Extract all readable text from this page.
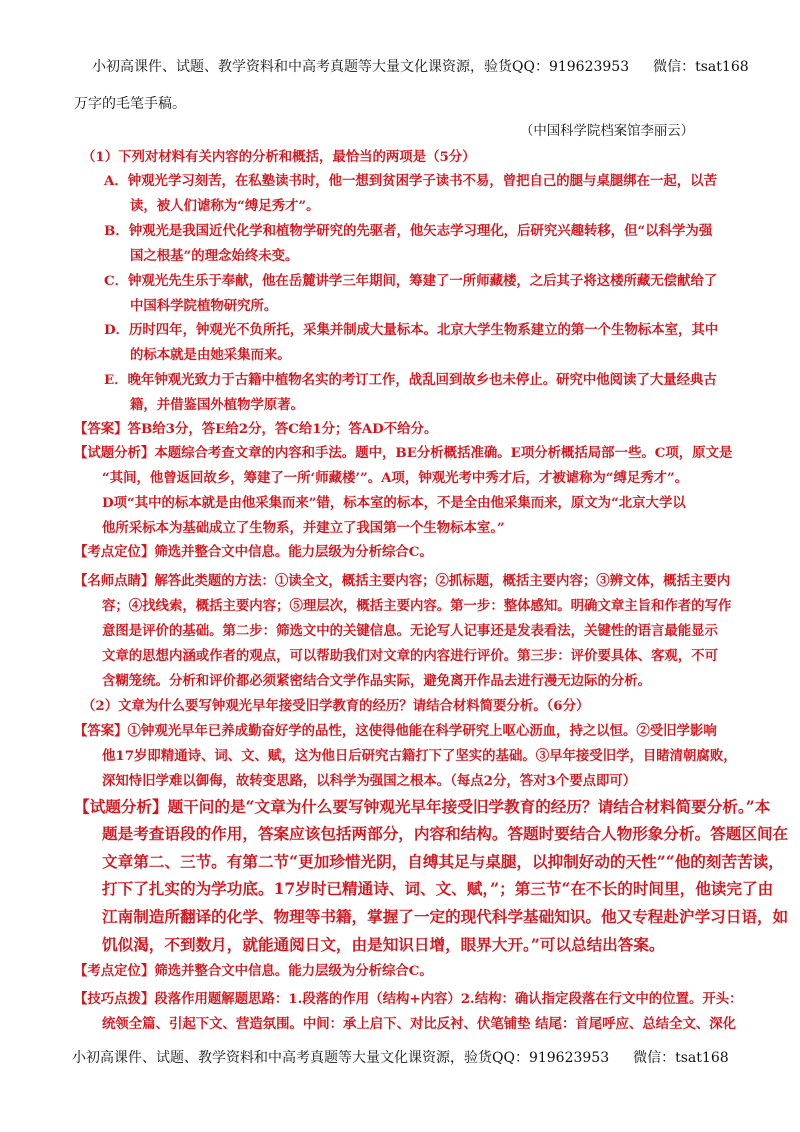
小初高课件、试题、教学资料和中高考真题等大量文化课资源，验货QQ：919623953 微信：tsat168
万字的毛笔手稿。
（中国科学院档案馆李丽云）
（1）下列对材料有关内容的分析和概括，最恰当的两项是（5分）
A．钟观光学习刻苦，在私塾读书时，他一想到贫困学子读书不易，曾把自己的腿与桌腿绑在一起，以苦
读，被人们谑称为“缚足秀才”。
B．钟观光是我国近代化学和植物学研究的先驱者，他矢志学习理化，后研究兴趣转移，但“以科学为强
国之根基”的理念始终未变。
C．钟观光先生乐于奉献，他在岳麓讲学三年期间，筹建了一所师藏楼，之后其子将这楼所藏无偿献给了
中国科学院植物研究所。
D．历时四年，钟观光不负所托，采集并制成大量标本。北京大学生物系建立的第一个生物标本室，其中
的标本就是由她采集而来。
E．晚年钟观光致力于古籍中植物名实的考订工作，战乱回到故乡也未停止。研究中他阅读了大量经典古
籍，并借鉴国外植物学原著。
【答案】答B给3分，答E给2分，答C给1分；答AD不给分。
【试题分析】本题综合考查文章的内容和手法。题中，BE分析概括准确。E项分析概括局部一些。C项，原文是
“其间，他曾返回故乡，筹建了一所‘师藏楼’”。A项，钟观光考中秀才后，才被谑称为“缚足秀才”。
D项“其中的标本就是由他采集而来”错，标本室的标本，不是全由他采集而来，原文为“北京大学以
他所采标本为基础成立了生物系，并建立了我国第一个生物标本室。”
【考点定位】筛选并整合文中信息。能力层级为分析综合C。
【名师点睛】解答此类题的方法：①读全文，概括主要内容；②抓标题，概括主要内容；③辨文体，概括主要内
容；④找线索，概括主要内容；⑤理层次，概括主要内容。第一步：整体感知。明确文章主旨和作者的写作
意图是评价的基础。第二步：筛选文中的关键信息。无论写人记事还是发表看法，关键性的语言最能显示
文章的思想内涵或作者的观点，可以帮助我们对文章的内容进行评价。第三步：评价要具体、客观，不可
含糊笼统。分析和评价都必须紧密结合文学作品实际，避免离开作品去进行漫无边际的分析。
（2）文章为什么要写钟观光早年接受旧学教育的经历？请结合材料简要分析。（6分）
【答案】①钟观光早年已养成勤奋好学的品性，这使得他能在科学研究上呕心沥血，持之以恒。②受旧学影响
他17岁即精通诗、词、文、赋，这为他日后研究古籍打下了坚实的基础。③早年接受旧学，目睹清朝腐败，
深知恃旧学难以御侮，故转变思路，以科学为强国之根本。（每点2分，答对3个要点即可）
【试题分析】题干问的是“文章为什么要写钟观光早年接受旧学教育的经历？请结合材料简要分析。”本
题是考查语段的作用，答案应该包括两部分，内容和结构。答题时要结合人物形象分析。答题区间在
文章第二、三节。有第二节“更加珍惜光阴，自缚其足与桌腿，以抑制好动的天性”“他的刻苦苦读，
打下了扎实的为学功底。17岁时已精通诗、词、文、赋，”；第三节“在不长的时间里，他读完了由
江南制造所翻译的化学、物理等书籍，掌握了一定的现代科学基础知识。他又专程赴沪学习日语，如
饥似渴，不到数月，就能通阅日文，由是知识日增，眼界大开。”可以总结出答案。
【考点定位】筛选并整合文中信息。能力层级为分析综合C。
【技巧点拨】段落作用题解题思路：1.段落的作用（结构+内容）2.结构：确认指定段落在行文中的位置。开头：
统领全篇、引起下文、营造氛围。中间：承上启下、对比反衬、伏笔铺垫 结尾：首尾呼应、总结全文、深化
小初高课件、试题、教学资料和中高考真题等大量文化课资源，验货QQ：919623953 微信：tsat168
